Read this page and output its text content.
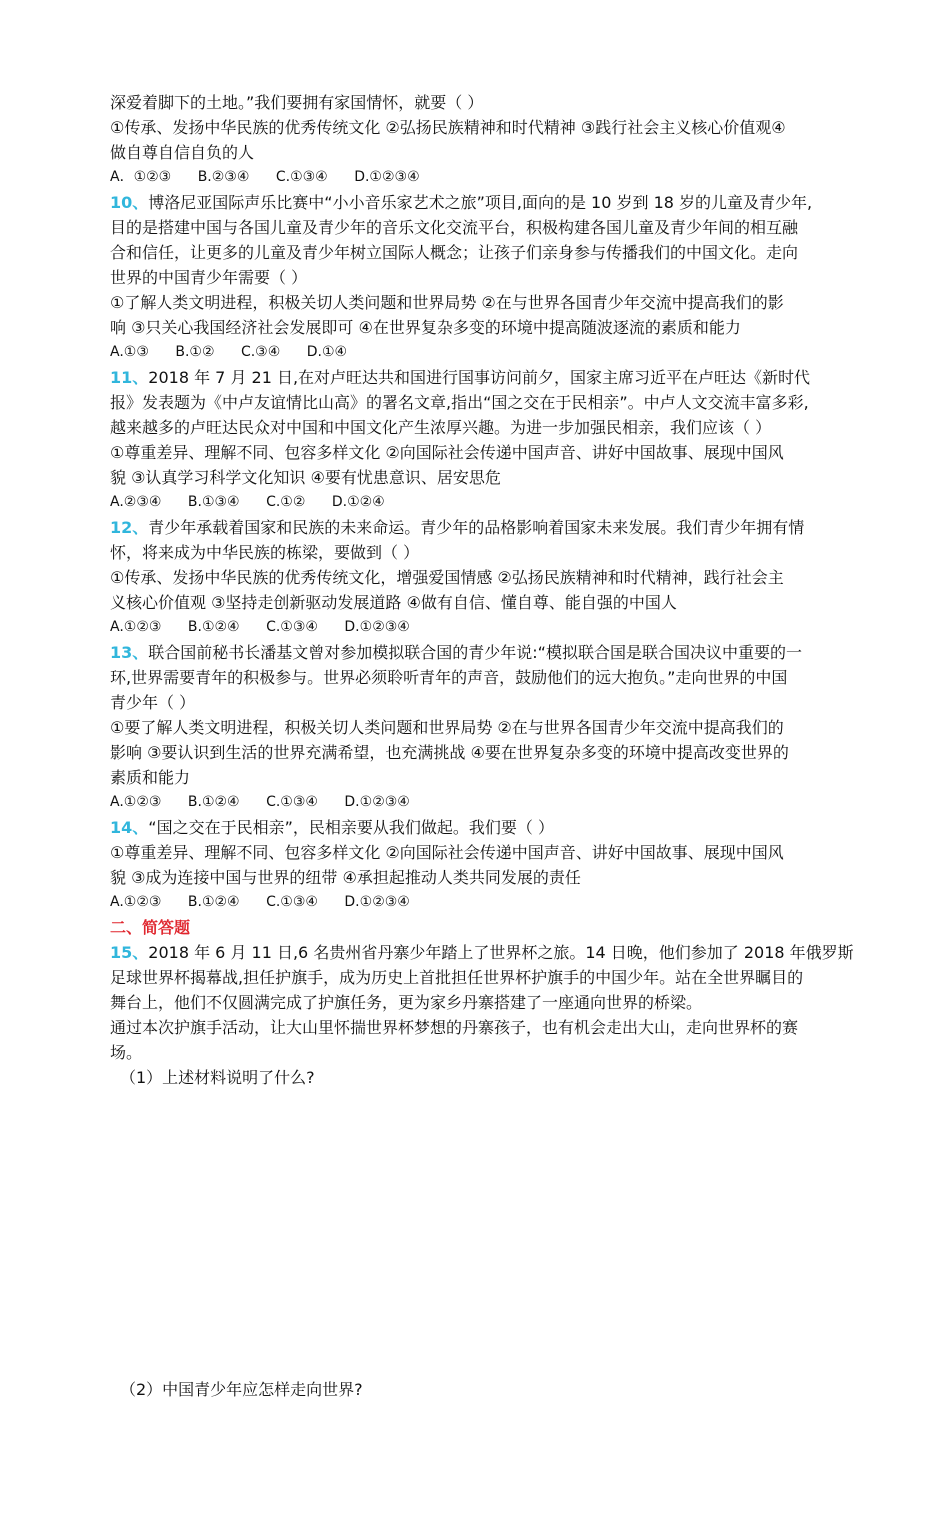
深爱着脚下的土地。”我们要拥有家国情怀，就要（ ）
①传承、发扬中华民族的优秀传统文化 ②弘扬民族精神和时代精神 ③践行社会主义核心价值观④
做自尊自信自负的人
A．①②③ B.②③④ C.①③④ D.①②③④
10、博洛尼亚国际声乐比赛中“小小音乐家艺术之旅”项目,面向的是 10 岁到 18 岁的儿童及青少年,
目的是搭建中国与各国儿童及青少年的音乐文化交流平台，积极构建各国儿童及青少年间的相互融
合和信任，让更多的儿童及青少年树立国际人概念；让孩子们亲身参与传播我们的中国文化。走向
世界的中国青少年需要（ ）
①了解人类文明进程，积极关切人类问题和世界局势 ②在与世界各国青少年交流中提高我们的影
响 ③只关心我国经济社会发展即可 ④在世界复杂多变的环境中提高随波逐流的素质和能力
A.①③ B.①② C.③④ D.①④
11、2018 年 7 月 21 日,在对卢旺达共和国进行国事访问前夕，国家主席习近平在卢旺达《新时代
报》发表题为《中卢友谊情比山高》的署名文章,指出“国之交在于民相亲”。中卢人文交流丰富多彩,
越来越多的卢旺达民众对中国和中国文化产生浓厚兴趣。为进一步加强民相亲，我们应该（ ）
①尊重差异、理解不同、包容多样文化 ②向国际社会传递中国声音、讲好中国故事、展现中国风
貌 ③认真学习科学文化知识 ④要有忧患意识、居安思危
A.②③④ B.①③④ C.①② D.①②④
12、青少年承载着国家和民族的未来命运。青少年的品格影响着国家未来发展。我们青少年拥有情
怀，将来成为中华民族的栋梁，要做到（ ）
①传承、发扬中华民族的优秀传统文化，增强爱国情感 ②弘扬民族精神和时代精神，践行社会主
义核心价值观 ③坚持走创新驱动发展道路 ④做有自信、懂自尊、能自强的中国人
A.①②③ B.①②④ C.①③④ D.①②③④
13、联合国前秘书长潘基文曾对参加模拟联合国的青少年说:“模拟联合国是联合国决议中重要的一
环,世界需要青年的积极参与。世界必须聆听青年的声音，鼓励他们的远大抱负。”走向世界的中国
青少年（ ）
①要了解人类文明进程，积极关切人类问题和世界局势 ②在与世界各国青少年交流中提高我们的
影响 ③要认识到生活的世界充满希望，也充满挑战 ④要在世界复杂多变的环境中提高改变世界的
素质和能力
A.①②③ B.①②④ C.①③④ D.①②③④
14、“国之交在于民相亲”，民相亲要从我们做起。我们要（ ）
①尊重差异、理解不同、包容多样文化 ②向国际社会传递中国声音、讲好中国故事、展现中国风
貌 ③成为连接中国与世界的纽带 ④承担起推动人类共同发展的责任
A.①②③ B.①②④ C.①③④ D.①②③④
二、简答题
15、2018 年 6 月 11 日,6 名贵州省丹寨少年踏上了世界杯之旅。14 日晚，他们参加了 2018 年俄罗斯
足球世界杯揭幕战,担任护旗手，成为历史上首批担任世界杯护旗手的中国少年。站在全世界瞩目的
舞台上，他们不仅圆满完成了护旗任务，更为家乡丹寨搭建了一座通向世界的桥梁。
通过本次护旗手活动，让大山里怀揣世界杯梦想的丹寨孩子，也有机会走出大山，走向世界杯的赛
场。
（1）上述材料说明了什么?
（2）中国青少年应怎样走向世界?
